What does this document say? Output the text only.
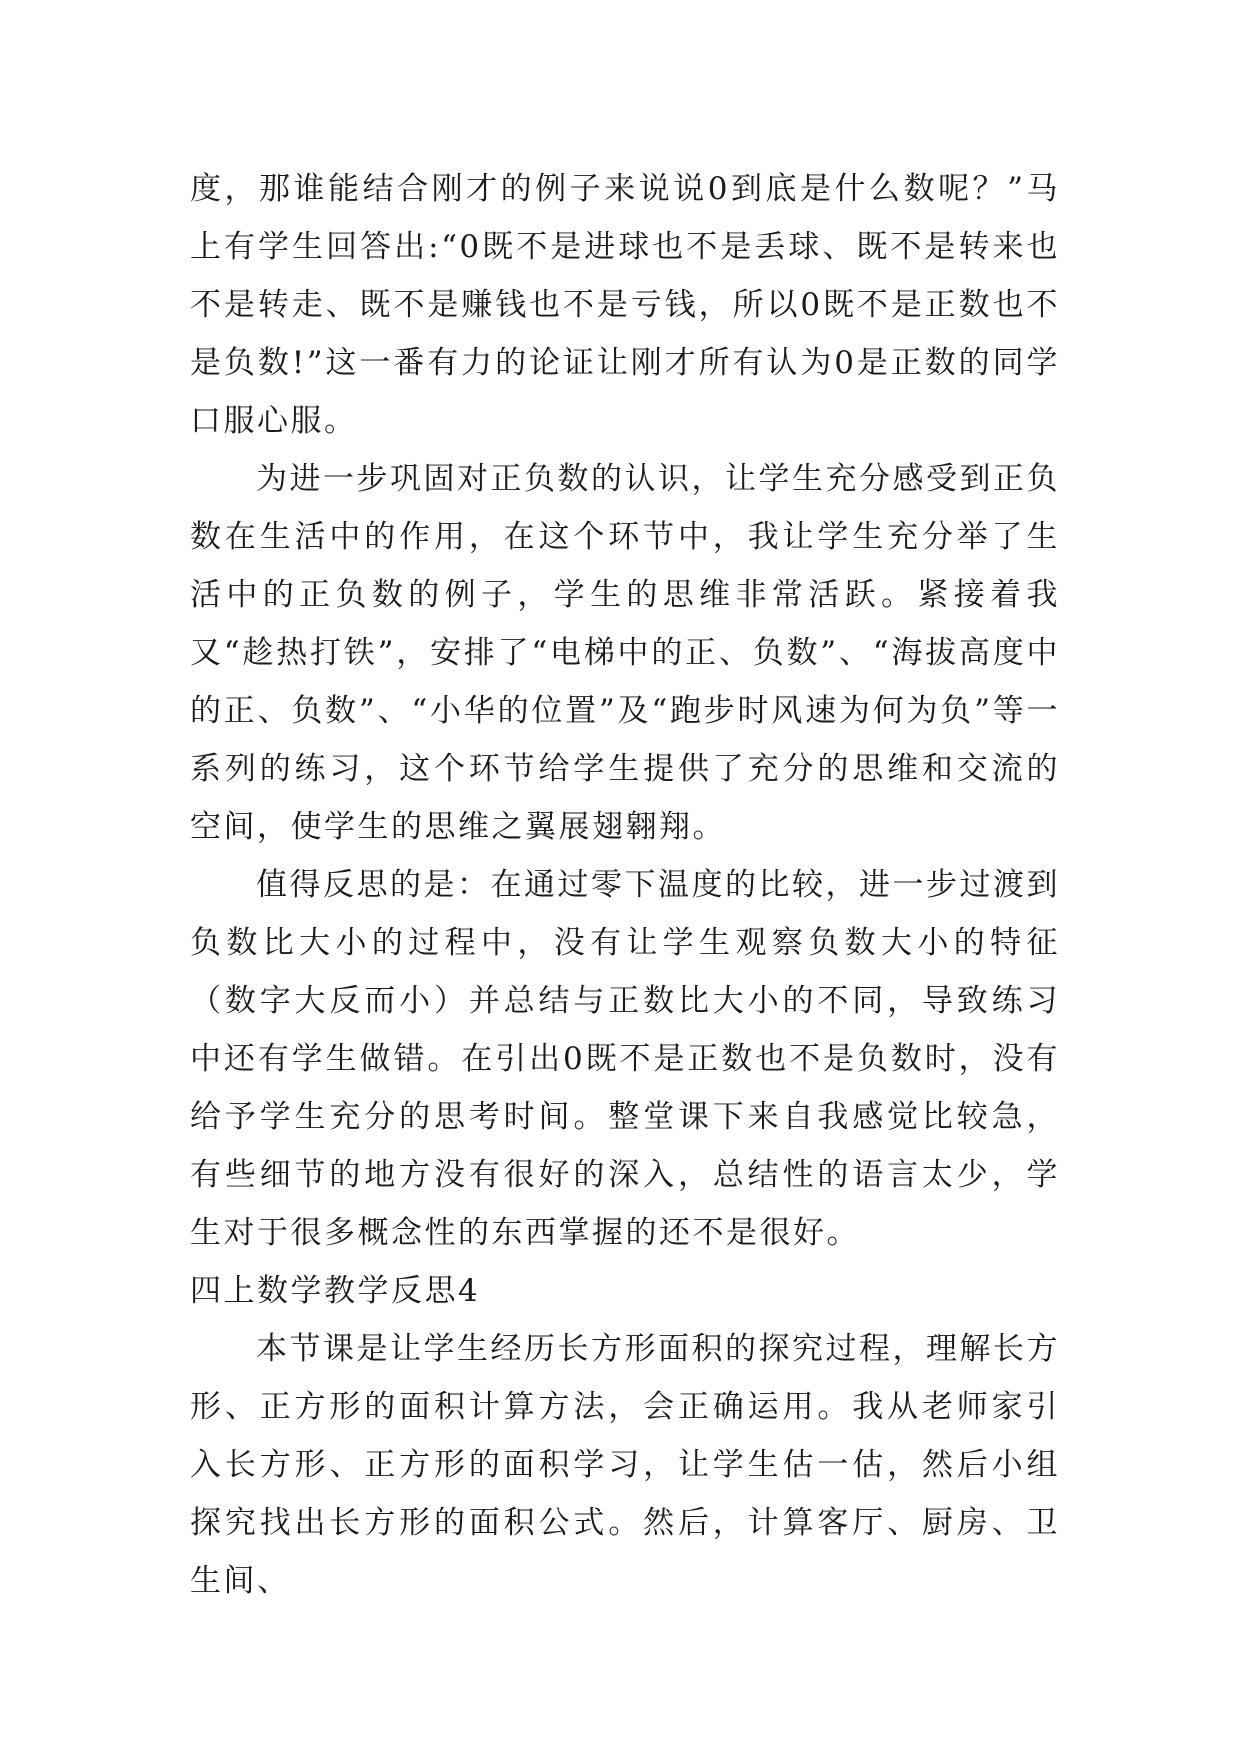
度，那谁能结合刚才的例子来说说0到底是什么数呢？”马上有学生回答出:“0既不是进球也不是丢球、既不是转来也不是转走、既不是赚钱也不是亏钱，所以0既不是正数也不是负数!”这一番有力的论证让刚才所有认为0是正数的同学口服心服。

为进一步巩固对正负数的认识，让学生充分感受到正负数在生活中的作用，在这个环节中，我让学生充分举了生活中的正负数的例子，学生的思维非常活跃。紧接着我又“趁热打铁”，安排了“电梯中的正、负数”、“海拔高度中的正、负数”、“小华的位置”及“跑步时风速为何为负”等一系列的练习，这个环节给学生提供了充分的思维和交流的空间，使学生的思维之翼展翅翱翔。

值得反思的是：在通过零下温度的比较，进一步过渡到负数比大小的过程中，没有让学生观察负数大小的特征（数字大反而小）并总结与正数比大小的不同，导致练习中还有学生做错。在引出0既不是正数也不是负数时，没有给予学生充分的思考时间。整堂课下来自我感觉比较急，有些细节的地方没有很好的深入，总结性的语言太少，学生对于很多概念性的东西掌握的还不是很好。

四上数学教学反思4

本节课是让学生经历长方形面积的探究过程，理解长方形、正方形的面积计算方法，会正确运用。我从老师家引入长方形、正方形的面积学习，让学生估一估，然后小组探究找出长方形的面积公式。然后，计算客厅、厨房、卫生间、
